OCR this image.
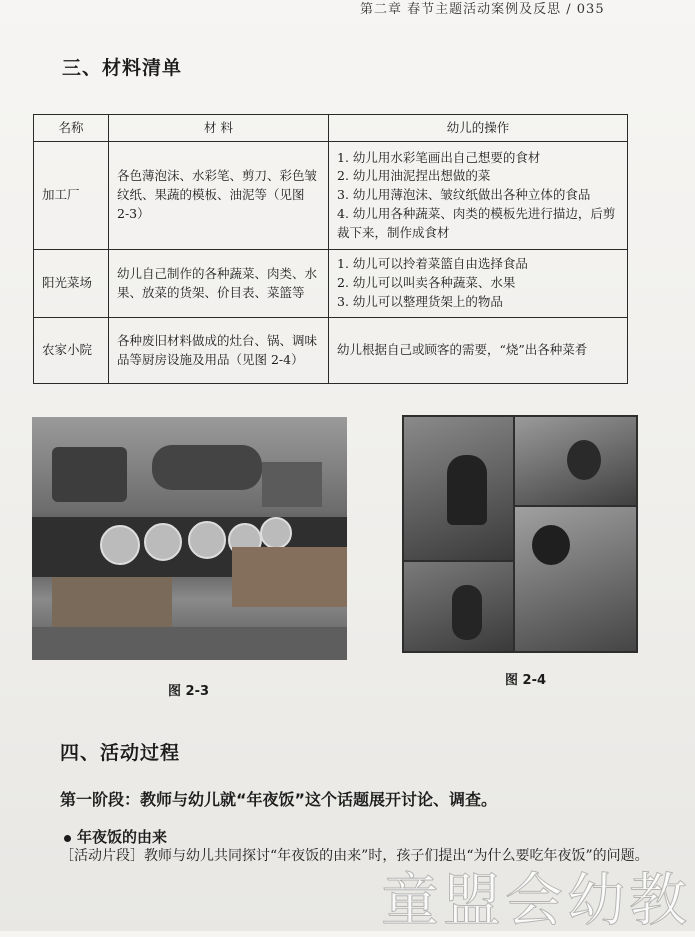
第二章 春节主题活动案例及反思 / 035
三、材料清单
名称	材 料	幼儿的操作
加工厂	各色薄泡沫、水彩笔、剪刀、彩色皱纹纸、果蔬的模板、油泥等（见图 2-3）	1. 幼儿用水彩笔画出自己想要的食材
2. 幼儿用油泥捏出想做的菜
3. 幼儿用薄泡沫、皱纹纸做出各种立体的食品
4. 幼儿用各种蔬菜、肉类的模板先进行描边，后剪裁下来，制作成食材

阳光菜场	幼儿自己制作的各种蔬菜、肉类、水果、放菜的货架、价目表、菜篮等	1. 幼儿可以拎着菜篮自由选择食品
2. 幼儿可以叫卖各种蔬菜、水果
3. 幼儿可以整理货架上的物品

农家小院	各种废旧材料做成的灶台、锅、调味品等厨房设施及用品（见图 2-4）	幼儿根据自己或顾客的需要，“烧”出各种菜肴
图 2-3
图 2-4
四、活动过程
第一阶段：教师与幼儿就“年夜饭”这个话题展开讨论、调查。
年夜饭的由来
［活动片段］教师与幼儿共同探讨“年夜饭的由来”时，孩子们提出“为什么要吃年夜饭”的问题。
童盟会幼教
